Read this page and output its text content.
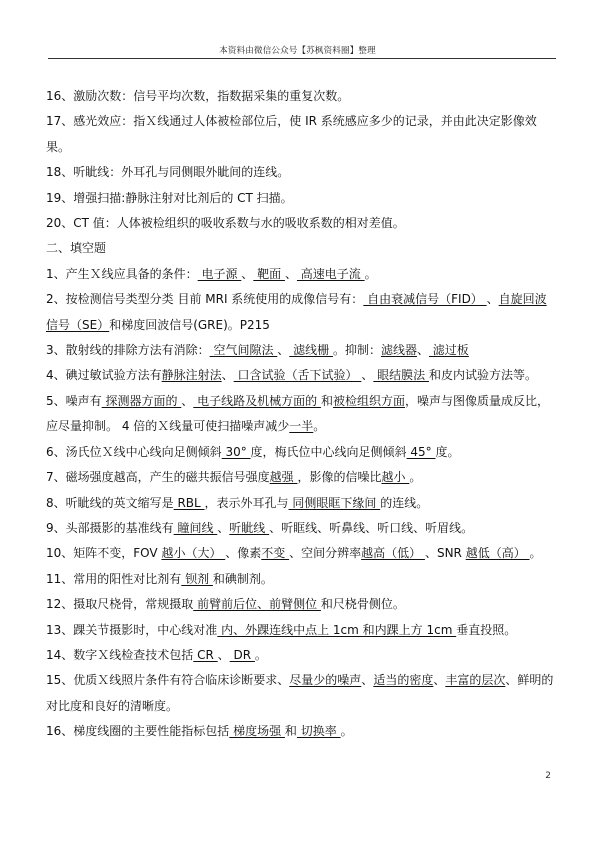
本资料由微信公众号【苏枫资料圈】整理
16、激励次数：信号平均次数，指数据采集的重复次数。
17、感光效应：指Ｘ线通过人体被检部位后，使 IR 系统感应多少的记录，并由此决定影像效果。
18、听眦线：外耳孔与同侧眼外眦间的连线。
19、增强扫描:静脉注射对比剂后的 CT 扫描。
20、CT 值：人体被检组织的吸收系数与水的吸收系数的相对差值。
二、填空题
1、产生Ｘ线应具备的条件： 电子源 、 靶面 、 高速电子流 。
2、按检测信号类型分类 目前 MRI 系统使用的成像信号有： 自由衰减信号（FID） 、自旋回波信号（SE）和梯度回波信号(GRE)。P215
3、散射线的排除方法有消除： 空气间隙法 、 滤线栅 。抑制：滤线器、 滤过板
4、碘过敏试验方法有静脉注射法、 口含试验（舌下试验） 、 眼结膜法 和皮内试验方法等。
5、噪声有 探测器方面的 、 电子线路及机械方面的 和被检组织方面，噪声与图像质量成反比，应尽量抑制。 4 倍的Ｘ线量可使扫描噪声减少一半。
6、汤氏位Ｘ线中心线向足侧倾斜 30° 度，梅氏位中心线向足侧倾斜 45° 度。
7、磁场强度越高，产生的磁共振信号强度越强 ，影像的信噪比越小 。
8、听眦线的英文缩写是 RBL ，表示外耳孔与 同侧眼眶下缘间 的连线。
9、头部摄影的基准线有 瞳间线 、听眦线 、听眶线、听鼻线、听口线、听眉线。
10、矩阵不变，FOV 越小（大） 、像素不变 、空间分辨率越高（低） 、SNR 越低（高） 。
11、常用的阳性对比剂有 钡剂 和碘制剂。
12、摄取尺桡骨，常规摄取 前臂前后位、前臂侧位 和尺桡骨侧位。
13、踝关节摄影时，中心线对准 内、外踝连线中点上 1cm 和内踝上方 1cm 垂直投照。
14、数字Ｘ线检查技术包括 CR 、 DR 。
15、优质Ｘ线照片条件有符合临床诊断要求、尽量少的噪声、适当的密度、丰富的层次、鲜明的对比度和良好的清晰度。
16、梯度线圈的主要性能指标包括 梯度场强 和 切换率 。
2
